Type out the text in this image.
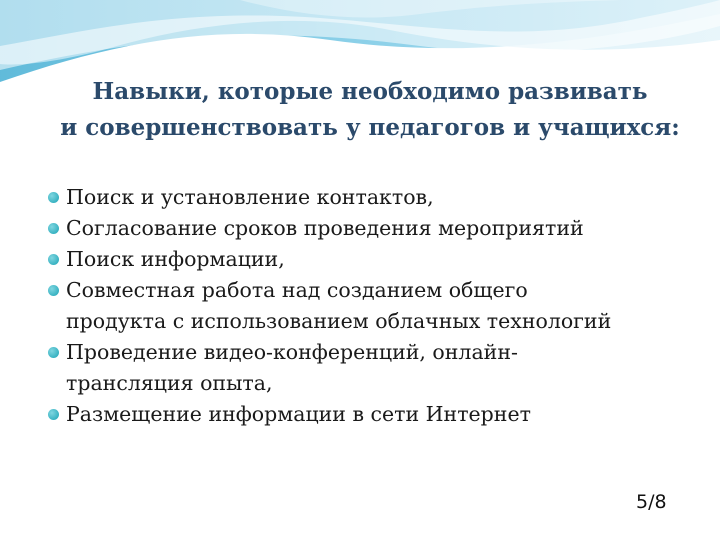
Навыки, которые необходимо развивать
и совершенствовать у педагогов и учащихся:
Поиск и установление контактов,
Согласование сроков проведения мероприятий
Поиск информации,
Совместная работа над созданием общего
продукта с использованием облачных технологий
Проведение видео-конференций, онлайн-
трансляция опыта,
Размещение информации в сети Интернет
5/8
